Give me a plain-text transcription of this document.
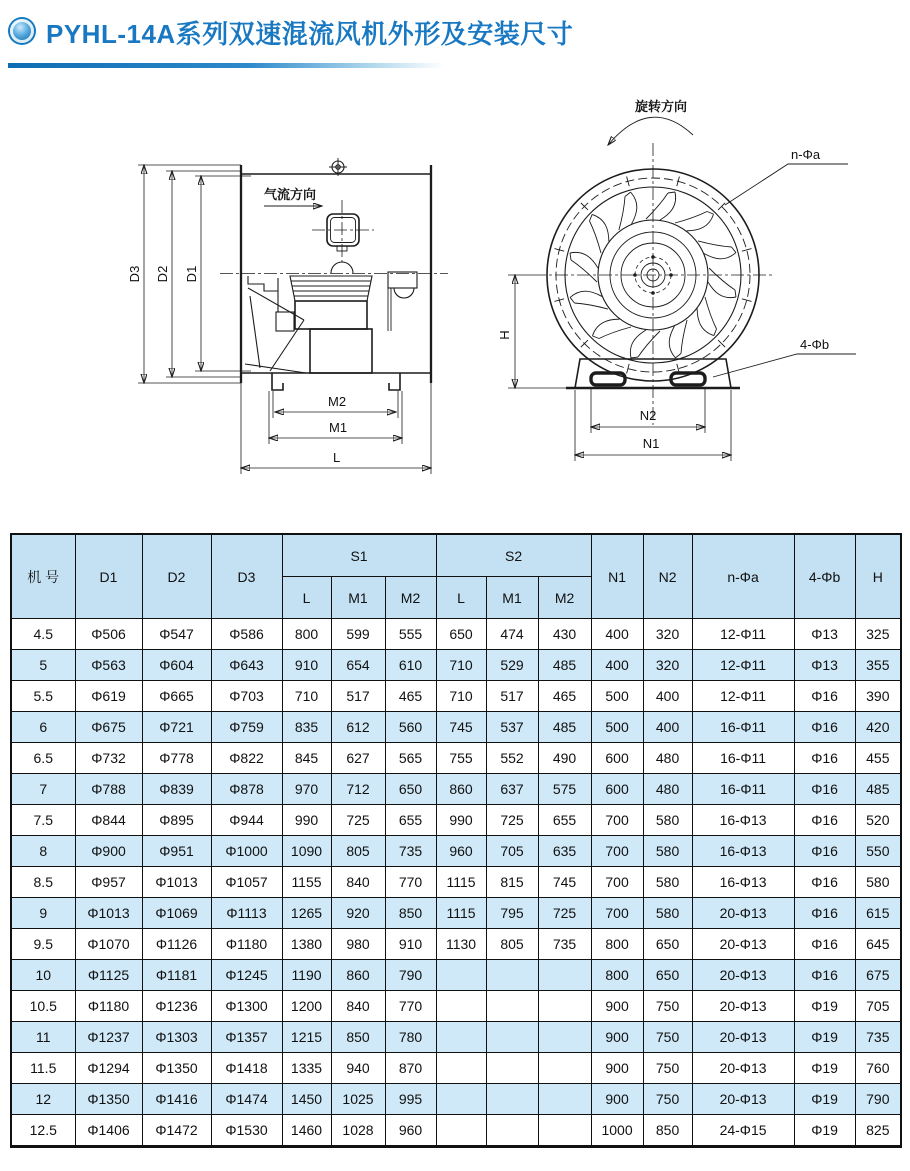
PYHL-14A系列双速混流风机外形及安装尺寸
气流方向
M2
M1
L
D3 D2 D1
H
N2
N1
旋转方向
n-Φa
4-Φb
机 号	D1	D2	D3	S1			S2			N1	N2	n-Φa	4-Φb	H
				L	M1	M2	L	M1	M2					
4.5	Φ506	Φ547	Φ586	800	599	555	650	474	430	400	320	12-Φ11	Φ13	325
5	Φ563	Φ604	Φ643	910	654	610	710	529	485	400	320	12-Φ11	Φ13	355
5.5	Φ619	Φ665	Φ703	710	517	465	710	517	465	500	400	12-Φ11	Φ16	390
6	Φ675	Φ721	Φ759	835	612	560	745	537	485	500	400	16-Φ11	Φ16	420
6.5	Φ732	Φ778	Φ822	845	627	565	755	552	490	600	480	16-Φ11	Φ16	455
7	Φ788	Φ839	Φ878	970	712	650	860	637	575	600	480	16-Φ11	Φ16	485
7.5	Φ844	Φ895	Φ944	990	725	655	990	725	655	700	580	16-Φ13	Φ16	520
8	Φ900	Φ951	Φ1000	1090	805	735	960	705	635	700	580	16-Φ13	Φ16	550
8.5	Φ957	Φ1013	Φ1057	1155	840	770	1115	815	745	700	580	16-Φ13	Φ16	580
9	Φ1013	Φ1069	Φ1113	1265	920	850	1115	795	725	700	580	20-Φ13	Φ16	615
9.5	Φ1070	Φ1126	Φ1180	1380	980	910	1130	805	735	800	650	20-Φ13	Φ16	645
10	Φ1125	Φ1181	Φ1245	1190	860	790				800	650	20-Φ13	Φ16	675
10.5	Φ1180	Φ1236	Φ1300	1200	840	770				900	750	20-Φ13	Φ19	705
11	Φ1237	Φ1303	Φ1357	1215	850	780				900	750	20-Φ13	Φ19	735
11.5	Φ1294	Φ1350	Φ1418	1335	940	870				900	750	20-Φ13	Φ19	760
12	Φ1350	Φ1416	Φ1474	1450	1025	995				900	750	20-Φ13	Φ19	790
12.5	Φ1406	Φ1472	Φ1530	1460	1028	960				1000	850	24-Φ15	Φ19	825
